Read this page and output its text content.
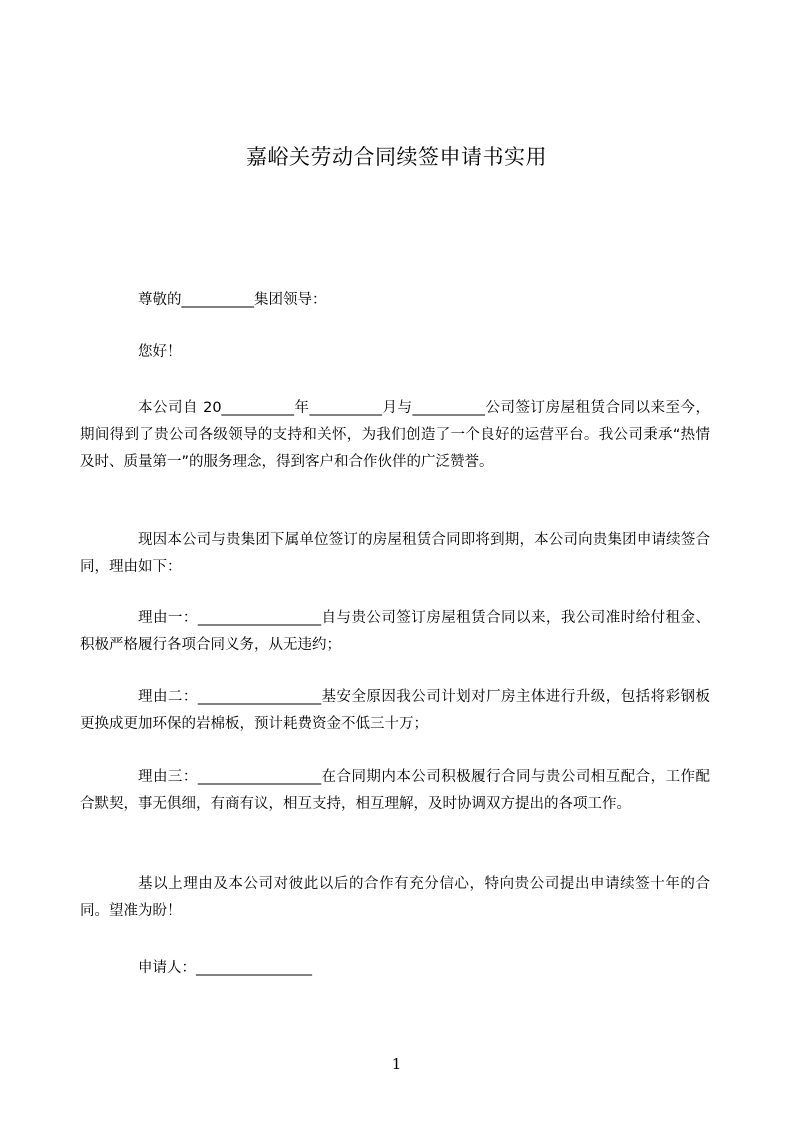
嘉峪关劳动合同续签申请书实用

尊敬的__________集团领导：

您好！

本公司自 20__________年__________月与__________公司签订房屋租赁合同以来至今，期间得到了贵公司各级领导的支持和关怀，为我们创造了一个良好的运营平台。我公司秉承“热情及时、质量第一”的服务理念，得到客户和合作伙伴的广泛赞誉。

现因本公司与贵集团下属单位签订的房屋租赁合同即将到期，本公司向贵集团申请续签合同，理由如下：

理由一：_________________自与贵公司签订房屋租赁合同以来，我公司准时给付租金、积极严格履行各项合同义务，从无违约；

理由二：_________________基安全原因我公司计划对厂房主体进行升级，包括将彩钢板更换成更加环保的岩棉板，预计耗费资金不低三十万；

理由三：_________________在合同期内本公司积极履行合同与贵公司相互配合，工作配合默契，事无俱细，有商有议，相互支持，相互理解，及时协调双方提出的各项工作。

基以上理由及本公司对彼此以后的合作有充分信心，特向贵公司提出申请续签十年的合同。望准为盼！

申请人：________________

1
